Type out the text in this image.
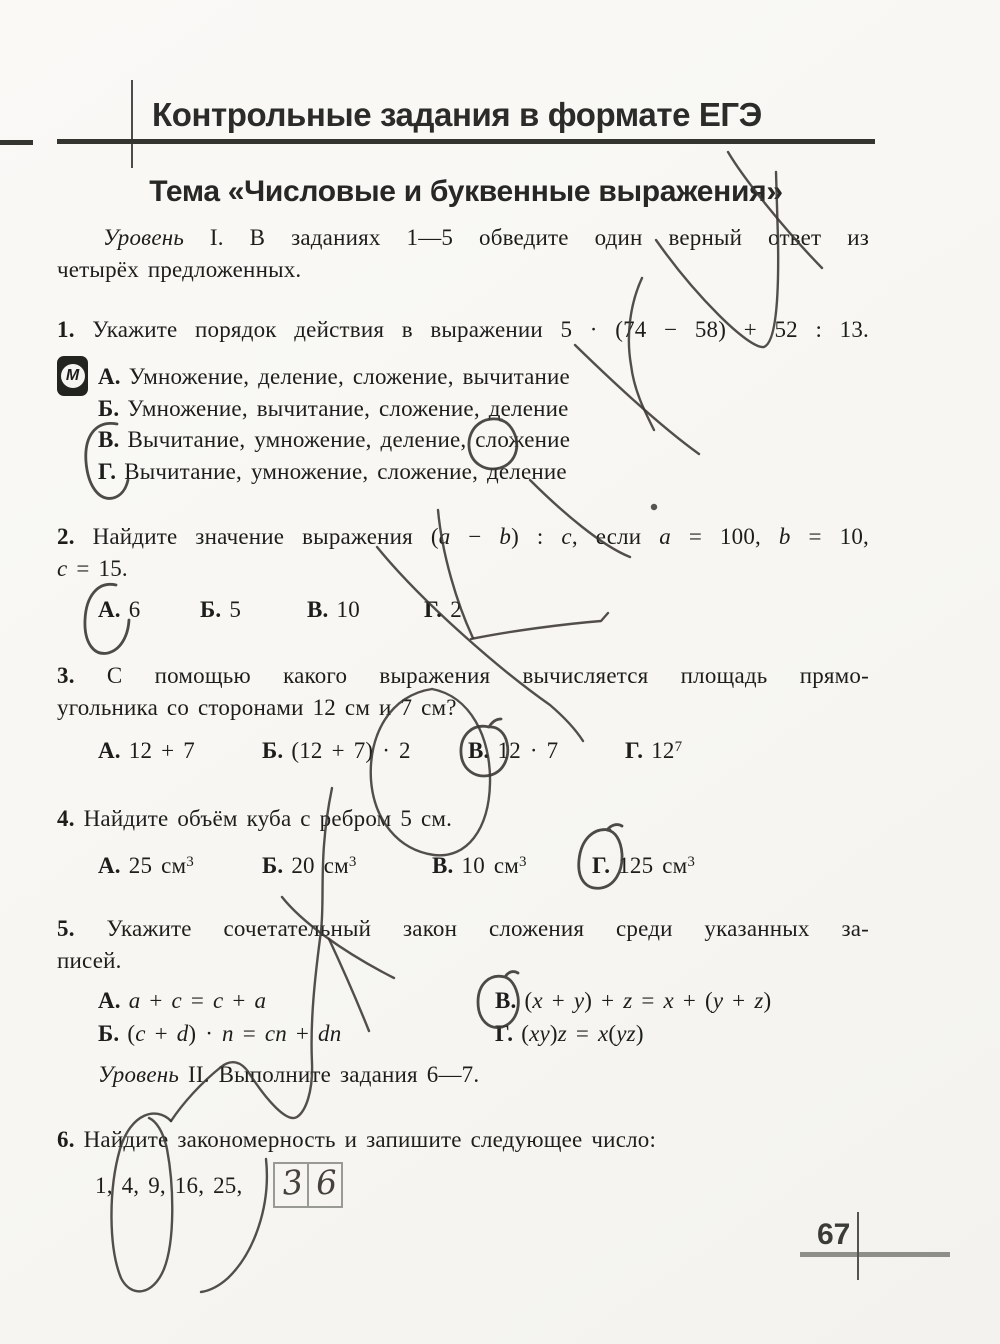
Контрольные задания в формате ЕГЭ
Тема «Числовые и буквенные выражения»
Уровень I. В заданиях 1—5 обведите один верный ответ из
четырёх предложенных.
1. Укажите порядок действия в выражении 5 · (74 − 58) + 52 : 13.
М А. Умножение, деление, сложение, вычитание
Б. Умножение, вычитание, сложение, деление
В. Вычитание, умножение, деление, сложение
Г. Вычитание, умножение, сложение, деление
2. Найдите значение выражения (a − b) : c, если a = 100, b = 10,
c = 15.
А. 6	Б. 5	В. 10	Г. 2
3. С помощью какого выражения вычисляется площадь прямо-
угольника со сторонами 12 см и 7 см?
А. 12 + 7	Б. (12 + 7) · 2 В. 12 · 7	Г. $12^7$
4. Найдите объём куба с ребром 5 см.
А. 25 $см^3$	Б. 20 $см^3$	В. 10 $см^3$	Г. 125 $см^3$
5. Укажите сочетательный закон сложения среди указанных за-
писей.
А. a + c = c + a
Б. (c + d) · n = cn + dn
В. (x + y) + z = x + (y + z)
Г. (xy)z = x(yz)
Уровень II. Выполните задания 6—7.
6. Найдите закономерность и запишите следующее число:
1, 4, 9, 16, 25, 3 6
67
